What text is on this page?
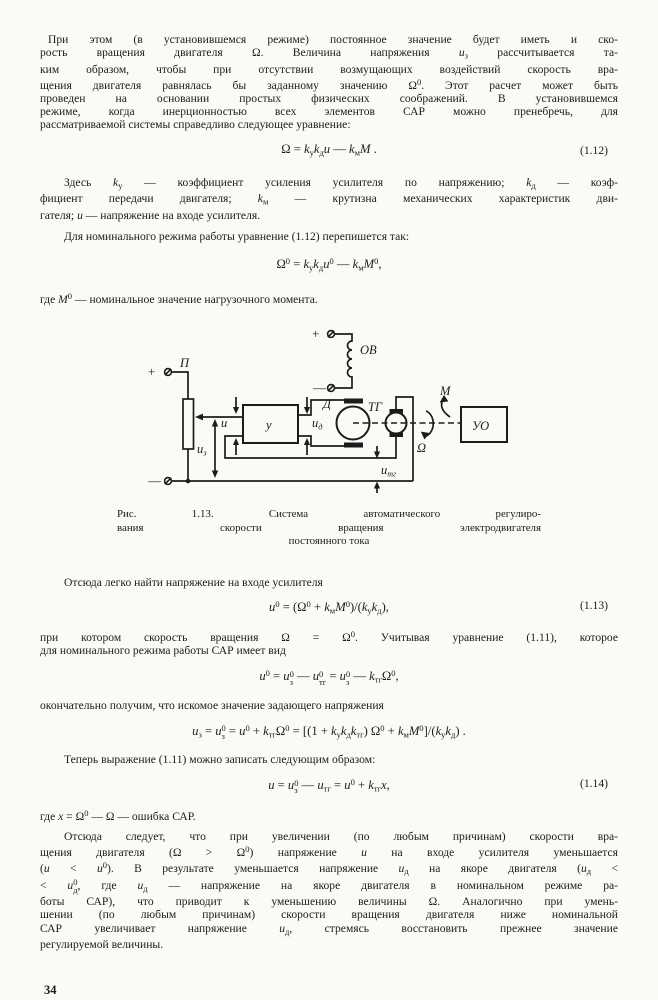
При этом (в установившемся режиме) постоянное значение будет иметь и ско-
рость вращения двигателя Ω. Величина напряжения $u_з$ рассчитывается та-
ким образом, чтобы при отсутствии возмущающих воздействий скорость вра-
щения двигателя равнялась бы заданному значению $\Omega^0$. Этот расчет может быть
проведен на основании простых физических соображений. В установившемся
режиме, когда инерционностью всех элементов САР можно пренебречь, для
рассматриваемой системы справедливо следующее уравнение:
$\Omega = k_уk_дu$ — $k_мM$ .	(1.12)
Здесь $k_у$ — коэффициент усиления усилителя по напряжению; $k_д$ — коэф-
фициент передачи двигателя; $k_м$ — крутизна механических характеристик дви-
гателя; u — напряжение на входе усилителя.
Для номинального режима работы уравнение (1.12) перепишется так:
$\Omega^0 = k_уk_дu^0$ — $k_мM^0$,
где $M^0$ — номинальное значение нагрузочного момента.
+
ОВ
—
+
П
—
$u_з$
u	у	$u_д$
Д	ТГ
$u_{тг}$
Ω
М
УО
Рис. 1.13. Система автоматического регулиро-
вания скорости вращения электродвигателя
постоянного тока
Отсюда легко найти напряжение на входе усилителя
$u^0 = (\Omega^0 + k_мM^0)/(k_уk_д)$,	(1.13)
при котором скорость вращения $\Omega = \Omega^0$. Учитывая уравнение (1.11), которое
для номинального режима работы САР имеет вид
$u^0 = u0$
з — u0
тг = u0
з — $k_{тг}\Omega^0$,
окончательно получим, что искомое значение задающего напряжения
$u_з = u0$
$з = u^0 + k_{тг}\Omega^0 = [(1 + k_уk_дk_{тг}) \Omega^0 + k_мM^0]/(k_уk_д)$ .
Теперь выражение (1.11) можно записать следующим образом:
u = u0
з — $u_{тг} = u^0 + k_{тг}x$,	(1.14)
где $x = \Omega^0$ — Ω — ошибка САР.
Отсюда следует, что при увеличении (по любым причинам) скорости вра-
щения двигателя $(\Omega > \Omega^0)$ напряжение u на входе усилителя уменьшается
$(u < u^0)$. В результате уменьшается напряжение $u_д$ на якоре двигателя ($u_д$ <
< u0
д, где $u_д$ — напряжение на якоре двигателя в номинальном режиме ра-
боты САР), что приводит к уменьшению величины Ω. Аналогично при умень-
шении (по любым причинам) скорости вращения двигателя ниже номинальной
САР увеличивает напряжение $u_д$, стремясь восстановить прежнее значение
регулируемой величины.
34
